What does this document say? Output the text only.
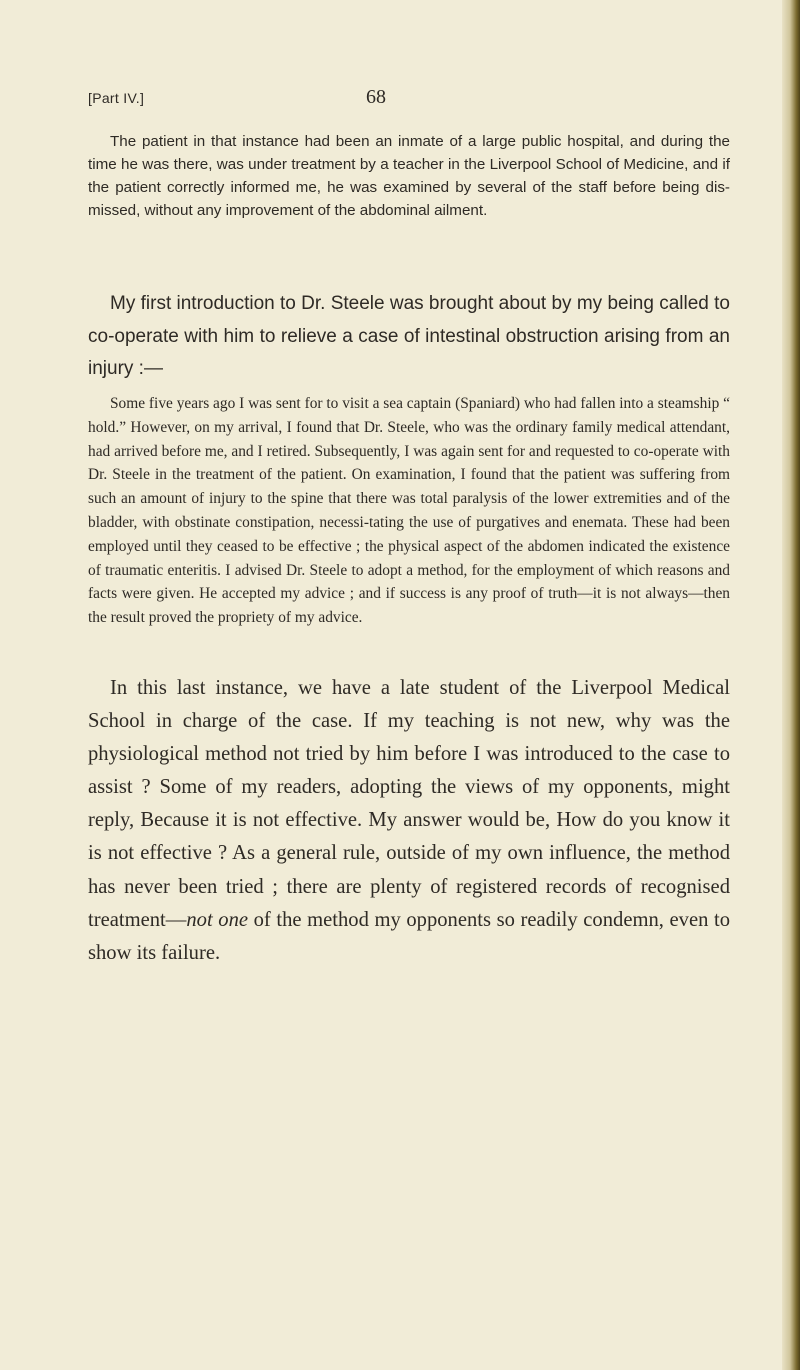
[Part IV.]	68

The patient in that instance had been an inmate of a large public hospital, and during the time he was there, was under treatment by a teacher in the Liverpool School of Medicine, and if the patient correctly informed me, he was examined by several of the staff before being dis-missed, without any improvement of the abdominal ailment.

My first introduction to Dr. Steele was brought about by my being called to co-operate with him to relieve a case of intestinal obstruction arising from an injury :—

Some five years ago I was sent for to visit a sea captain (Spaniard) who had fallen into a steamship “ hold.” However, on my arrival, I found that Dr. Steele, who was the ordinary family medical attendant, had arrived before me, and I retired. Subsequently, I was again sent for and requested to co-operate with Dr. Steele in the treatment of the patient. On examination, I found that the patient was suffering from such an amount of injury to the spine that there was total paralysis of the lower extremities and of the bladder, with obstinate constipation, necessi-tating the use of purgatives and enemata. These had been employed until they ceased to be effective ; the physical aspect of the abdomen indicated the existence of traumatic enteritis. I advised Dr. Steele to adopt a method, for the employment of which reasons and facts were given. He accepted my advice ; and if success is any proof of truth—it is not always—then the result proved the propriety of my advice.

In this last instance, we have a late student of the Liverpool Medical School in charge of the case. If my teaching is not new, why was the physiological method not tried by him before I was introduced to the case to assist ? Some of my readers, adopting the views of my opponents, might reply, Because it is not effective. My answer would be, How do you know it is not effective ? As a general rule, outside of my own influence, the method has never been tried ; there are plenty of registered records of recognised treatment—not one of the method my opponents so readily condemn, even to show its failure.
